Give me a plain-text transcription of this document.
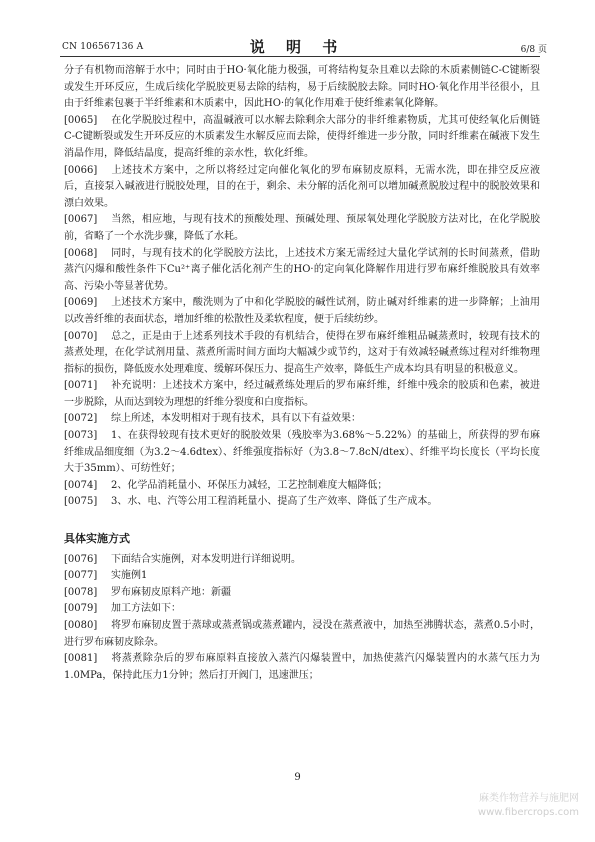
CN 106567136 A	说 明 书	6/8 页

分子有机物而溶解于水中；同时由于HO·氧化能力极强，可将结构复杂且难以去除的木质素侧链C-C键断裂或发生开环反应，生成后续化学脱胶更易去除的结构，易于后续脱胶去除。同时HO·氧化作用半径很小，且由于纤维素包裹于半纤维素和木质素中，因此HO·的氧化作用难于使纤维素氧化降解。

[0065] 在化学脱胶过程中，高温碱液可以水解去除剩余大部分的非纤维素物质，尤其可使经氧化后侧链C-C键断裂或发生开环反应的木质素发生水解反应而去除，使得纤维进一步分散，同时纤维素在碱液下发生消晶作用，降低结晶度，提高纤维的亲水性，软化纤维。

[0066] 上述技术方案中，之所以将经过定向催化氧化的罗布麻韧皮原料，无需水洗，即在排空反应液后，直接泵入碱液进行脱胶处理，目的在于，剩余、未分解的活化剂可以增加碱煮脱胶过程中的脱胶效果和漂白效果。

[0067] 当然，相应地，与现有技术的预酸处理、预碱处理、预尿氧处理化学脱胶方法对比，在化学脱胶前，省略了一个水洗步骤，降低了水耗。

[0068] 同时，与现有技术的化学脱胶方法比，上述技术方案无需经过大量化学试剂的长时间蒸煮，借助蒸汽闪爆和酸性条件下Cu²⁺离子催化活化剂产生的HO·的定向氧化降解作用进行罗布麻纤维脱胶具有效率高、污染小等显著优势。

[0069] 上述技术方案中，酸洗则为了中和化学脱胶的碱性试剂，防止碱对纤维素的进一步降解；上油用以改善纤维的表面状态，增加纤维的松散性及柔软程度，便于后续纺纱。

[0070] 总之，正是由于上述系列技术手段的有机结合，使得在罗布麻纤维粗品碱蒸煮时，较现有技术的蒸煮处理，在化学试剂用量、蒸煮所需时间方面均大幅减少或节约，这对于有效减轻碱煮练过程对纤维物理指标的损伤，降低废水处理难度、缓解环保压力、提高生产效率，降低生产成本均具有明显的积极意义。

[0071] 补充说明：上述技术方案中，经过碱煮练处理后的罗布麻纤维，纤维中残余的胶质和色素，被进一步脱除，从而达到较为理想的纤维分裂度和白度指标。

[0072] 综上所述，本发明相对于现有技术，具有以下有益效果：

[0073] 1、在获得较现有技术更好的脱胶效果（残胶率为3.68%～5.22%）的基础上，所获得的罗布麻纤维成品细度细（为3.2～4.6dtex）、纤维强度指标好（为3.8～7.8cN/dtex）、纤维平均长度长（平均长度大于35mm）、可纺性好；

[0074] 2、化学品消耗量小、环保压力减轻，工艺控制难度大幅降低；

[0075] 3、水、电、汽等公用工程消耗量小、提高了生产效率、降低了生产成本。

具体实施方式

[0076] 下面结合实施例，对本发明进行详细说明。

[0077] 实施例1

[0078] 罗布麻韧皮原料产地：新疆

[0079] 加工方法如下：

[0080] 将罗布麻韧皮置于蒸球或蒸煮锅或蒸煮罐内，浸没在蒸煮液中，加热至沸腾状态，蒸煮0.5小时，进行罗布麻韧皮除杂。

[0081] 将蒸煮除杂后的罗布麻原料直接放入蒸汽闪爆装置中，加热使蒸汽闪爆装置内的水蒸气压力为1.0MPa，保持此压力1分钟；然后打开阀门，迅速泄压；

9
麻类作物营养与施肥网
www.fibercrops.com
